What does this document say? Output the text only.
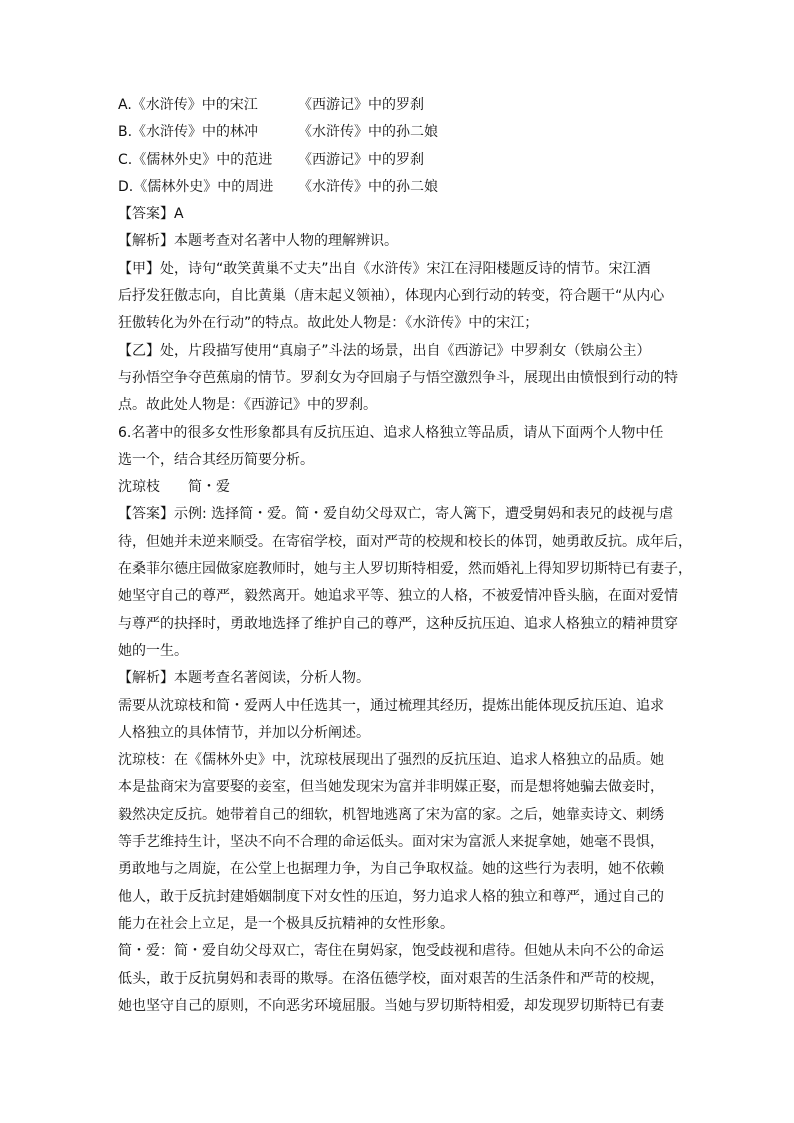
A.《水浒传》中的宋江	《西游记》中的罗刹
B.《水浒传》中的林冲	《水浒传》中的孙二娘
C.《儒林外史》中的范进 《西游记》中的罗刹
D.《儒林外史》中的周进 《水浒传》中的孙二娘
【答案】A
【解析】本题考查对名著中人物的理解辨识。
【甲】处，诗句“敢笑黄巢不丈夫”出自《水浒传》宋江在浔阳楼题反诗的情节。宋江酒
后抒发狂傲志向，自比黄巢（唐末起义领袖），体现内心到行动的转变，符合题干“从内心
狂傲转化为外在行动”的特点。故此处人物是：《水浒传》中的宋江；
【乙】处，片段描写使用“真扇子”斗法的场景，出自《西游记》中罗刹女（铁扇公主）
与孙悟空争夺芭蕉扇的情节。罗刹女为夺回扇子与悟空激烈争斗，展现出由愤恨到行动的特
点。故此处人物是：《西游记》中的罗刹。
6.名著中的很多女性形象都具有反抗压迫、追求人格独立等品质，请从下面两个人物中任
选一个，结合其经历简要分析。
沈琼枝　　简・爱
【答案】示例: 选择简・爱。简・爱自幼父母双亡，寄人篱下，遭受舅妈和表兄的歧视与虐
待，但她并未逆来顺受。在寄宿学校，面对严苛的校规和校长的体罚，她勇敢反抗。成年后，
在桑菲尔德庄园做家庭教师时，她与主人罗切斯特相爱，然而婚礼上得知罗切斯特已有妻子，
她坚守自己的尊严，毅然离开。她追求平等、独立的人格，不被爱情冲昏头脑，在面对爱情
与尊严的抉择时，勇敢地选择了维护自己的尊严，这种反抗压迫、追求人格独立的精神贯穿
她的一生。
【解析】本题考查名著阅读，分析人物。
需要从沈琼枝和简・爱两人中任选其一，通过梳理其经历，提炼出能体现反抗压迫、追求
人格独立的具体情节，并加以分析阐述。
沈琼枝：在《儒林外史》中，沈琼枝展现出了强烈的反抗压迫、追求人格独立的品质。她
本是盐商宋为富要娶的妾室，但当她发现宋为富并非明媒正娶，而是想将她骗去做妾时，
毅然决定反抗。她带着自己的细软，机智地逃离了宋为富的家。之后，她靠卖诗文、刺绣
等手艺维持生计，坚决不向不合理的命运低头。面对宋为富派人来捉拿她，她毫不畏惧，
勇敢地与之周旋，在公堂上也据理力争，为自己争取权益。她的这些行为表明，她不依赖
他人，敢于反抗封建婚姻制度下对女性的压迫，努力追求人格的独立和尊严，通过自己的
能力在社会上立足，是一个极具反抗精神的女性形象。
简・爱：简・爱自幼父母双亡，寄住在舅妈家，饱受歧视和虐待。但她从未向不公的命运
低头，敢于反抗舅妈和表哥的欺辱。在洛伍德学校，面对艰苦的生活条件和严苛的校规，
她也坚守自己的原则，不向恶劣环境屈服。当她与罗切斯特相爱，却发现罗切斯特已有妻
